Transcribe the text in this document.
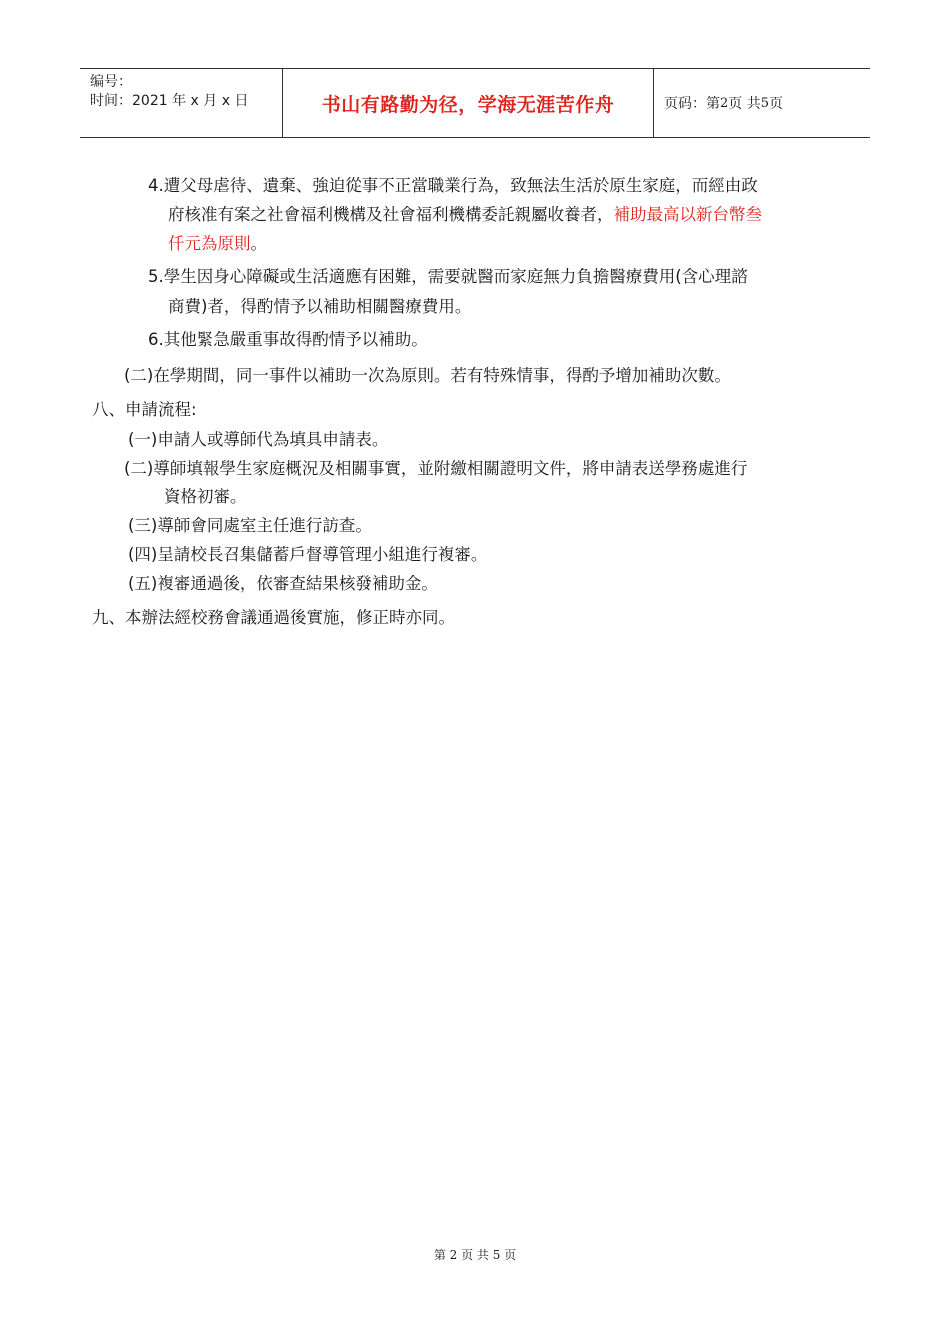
编号：
时间：2021 年 x 月 x 日	书山有路勤为径，学海无涯苦作舟	页码：第 2 页 共 5 页
4.遭父母虐待、遺棄、強迫從事不正當職業行為，致無法生活於原生家庭，而經由政
府核准有案之社會福利機構及社會福利機構委託親屬收養者，補助最高以新台幣叁
仟元為原則。
5.學生因身心障礙或生活適應有困難，需要就醫而家庭無力負擔醫療費用(含心理諮
商費)者，得酌情予以補助相關醫療費用。
6.其他緊急嚴重事故得酌情予以補助。
(二)在學期間，同一事件以補助一次為原則。若有特殊情事，得酌予增加補助次數。
八、申請流程:
(一)申請人或導師代為填具申請表。
(二)導師填報學生家庭概況及相關事實，並附繳相關證明文件，將申請表送學務處進行
資格初審。
(三)導師會同處室主任進行訪查。
(四)呈請校長召集儲蓄戶督導管理小組進行複審。
(五)複審通過後，依審查結果核發補助金。
九、本辦法經校務會議通過後實施，修正時亦同。
第 2 页 共 5 页
